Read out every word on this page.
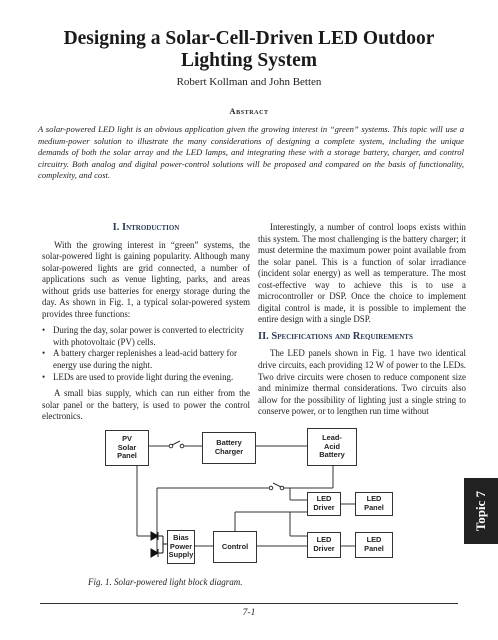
Designing a Solar-Cell-Driven LED Outdoor
Lighting System
Robert Kollman and John Betten
Abstract

A solar-powered LED light is an obvious application given the growing interest in “green” systems. This topic will use a medium-power solution to illustrate the many considerations of designing a complete system, including the unique demands of both the solar array and the LED lamps, and integrating these with a storage battery, charger, and control circuitry. Both analog and digital power-control solutions will be proposed and compared on the basis of functionality, complexity, and cost.

I. Introduction

With the growing interest in “green” systems, the solar-powered light is gaining popularity. Although many solar-powered lights are grid connected, a number of applications such as venue lighting, parks, and areas without grids use batteries for energy storage during the day. As shown in Fig. 1, a typical solar-powered system provides three functions:

• During the day, solar power is converted to electricity with photovoltaic (PV) cells.
• A battery charger replenishes a lead-acid battery for energy use during the night.
• LEDs are used to provide light during the evening.

A small bias supply, which can run either from the solar panel or the battery, is used to power the control electronics.

Interestingly, a number of control loops exists within this system. The most challenging is the battery charger; it must determine the maximum power point available from the solar panel. This is a function of solar irradiance (incident solar energy) as well as temperature. The most cost-effective way to achieve this is to use a microcontroller or DSP. Once the choice to implement digital control is made, it is possible to implement the entire design with a single DSP.

II. Specifications and Requirements

The LED panels shown in Fig. 1 have two identical drive circuits, each providing 12 W of power to the LEDs. Two drive circuits were chosen to reduce component size and minimize thermal considerations. Two circuits also allow for the possibility of lighting just a single string to conserve power, or to lengthen run time without

PV
Solar
Panel
Battery
Charger
Lead-
Acid
Battery
LED
Driver
LED
Panel
Bias
Power
Supply
Control
LED
Driver
LED
Panel
Fig. 1. Solar-powered light block diagram.
Topic 7
7-1
